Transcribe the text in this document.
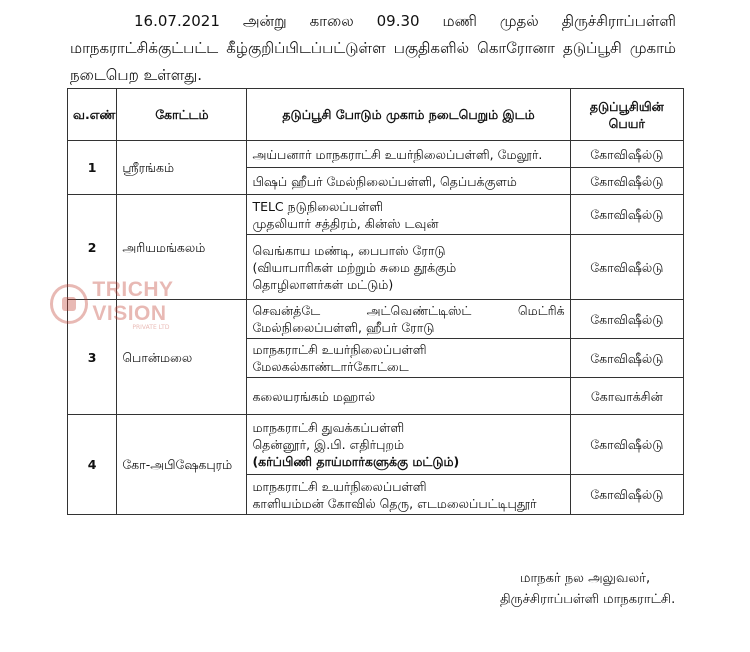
16.07.2021 அன்று காலை 09.30 மணி முதல் திருச்சிராப்பள்ளி

மாநகராட்சிக்குட்பட்ட கீழ்குறிப்பிடப்பட்டுள்ள பகுதிகளில் கொரோனா தடுப்பூசி முகாம்

நடைபெற உள்ளது.

வ.எண்	கோட்டம்	தடுப்பூசி போடும் முகாம் நடைபெறும் இடம்	தடுப்பூசியின் பெயர்
1	ஸ்ரீரங்கம்	அய்பனார் மாநகராட்சி உயர்நிலைப்பள்ளி, மேலூர்.	கோவிஷீல்டு

		பிஷப் ஹீபர் மேல்நிலைப்பள்ளி, தெப்பக்குளம்	கோவிஷீல்டு
2	அரியமங்கலம்	TELC நடுநிலைப்பள்ளி
முதலியார் சத்திரம், கின்ஸ் டவுன்	கோவிஷீல்டு

		வெங்காய மண்டி, பைபாஸ் ரோடு
(வியாபாரிகள் மற்றும் சுமை தூக்கும்
தொழிலாளர்கள் மட்டும்)	கோவிஷீல்டு
3	பொன்மலை	செவன்த்டே அட்வெண்ட்டிஸ்ட் மெட்ரிக்
மேல்நிலைப்பள்ளி, ஹீபர் ரோடு	கோவிஷீல்டு

		மாநகராட்சி உயர்நிலைப்பள்ளி
மேலகல்காண்டார்கோட்டை	கோவிஷீல்டு

		கலையரங்கம் மஹால்	கோவாக்சின்
4	கோ-அபிஷேகபுரம்	மாநகராட்சி துவக்கப்பள்ளி
தென்னூர், இ.பி. எதிர்புறம்
(கர்ப்பிணி தாய்மார்களுக்கு மட்டும்)	கோவிஷீல்டு

		மாநகராட்சி உயர்நிலைப்பள்ளி
காளியம்மன் கோவில் தெரு, எடமலைப்பட்டிபுதூர்	கோவிஷீல்டு
TRICHY VISION
PRIVATE LTD

மாநகர் நல அலுவலர்,

திருச்சிராப்பள்ளி மாநகராட்சி.
